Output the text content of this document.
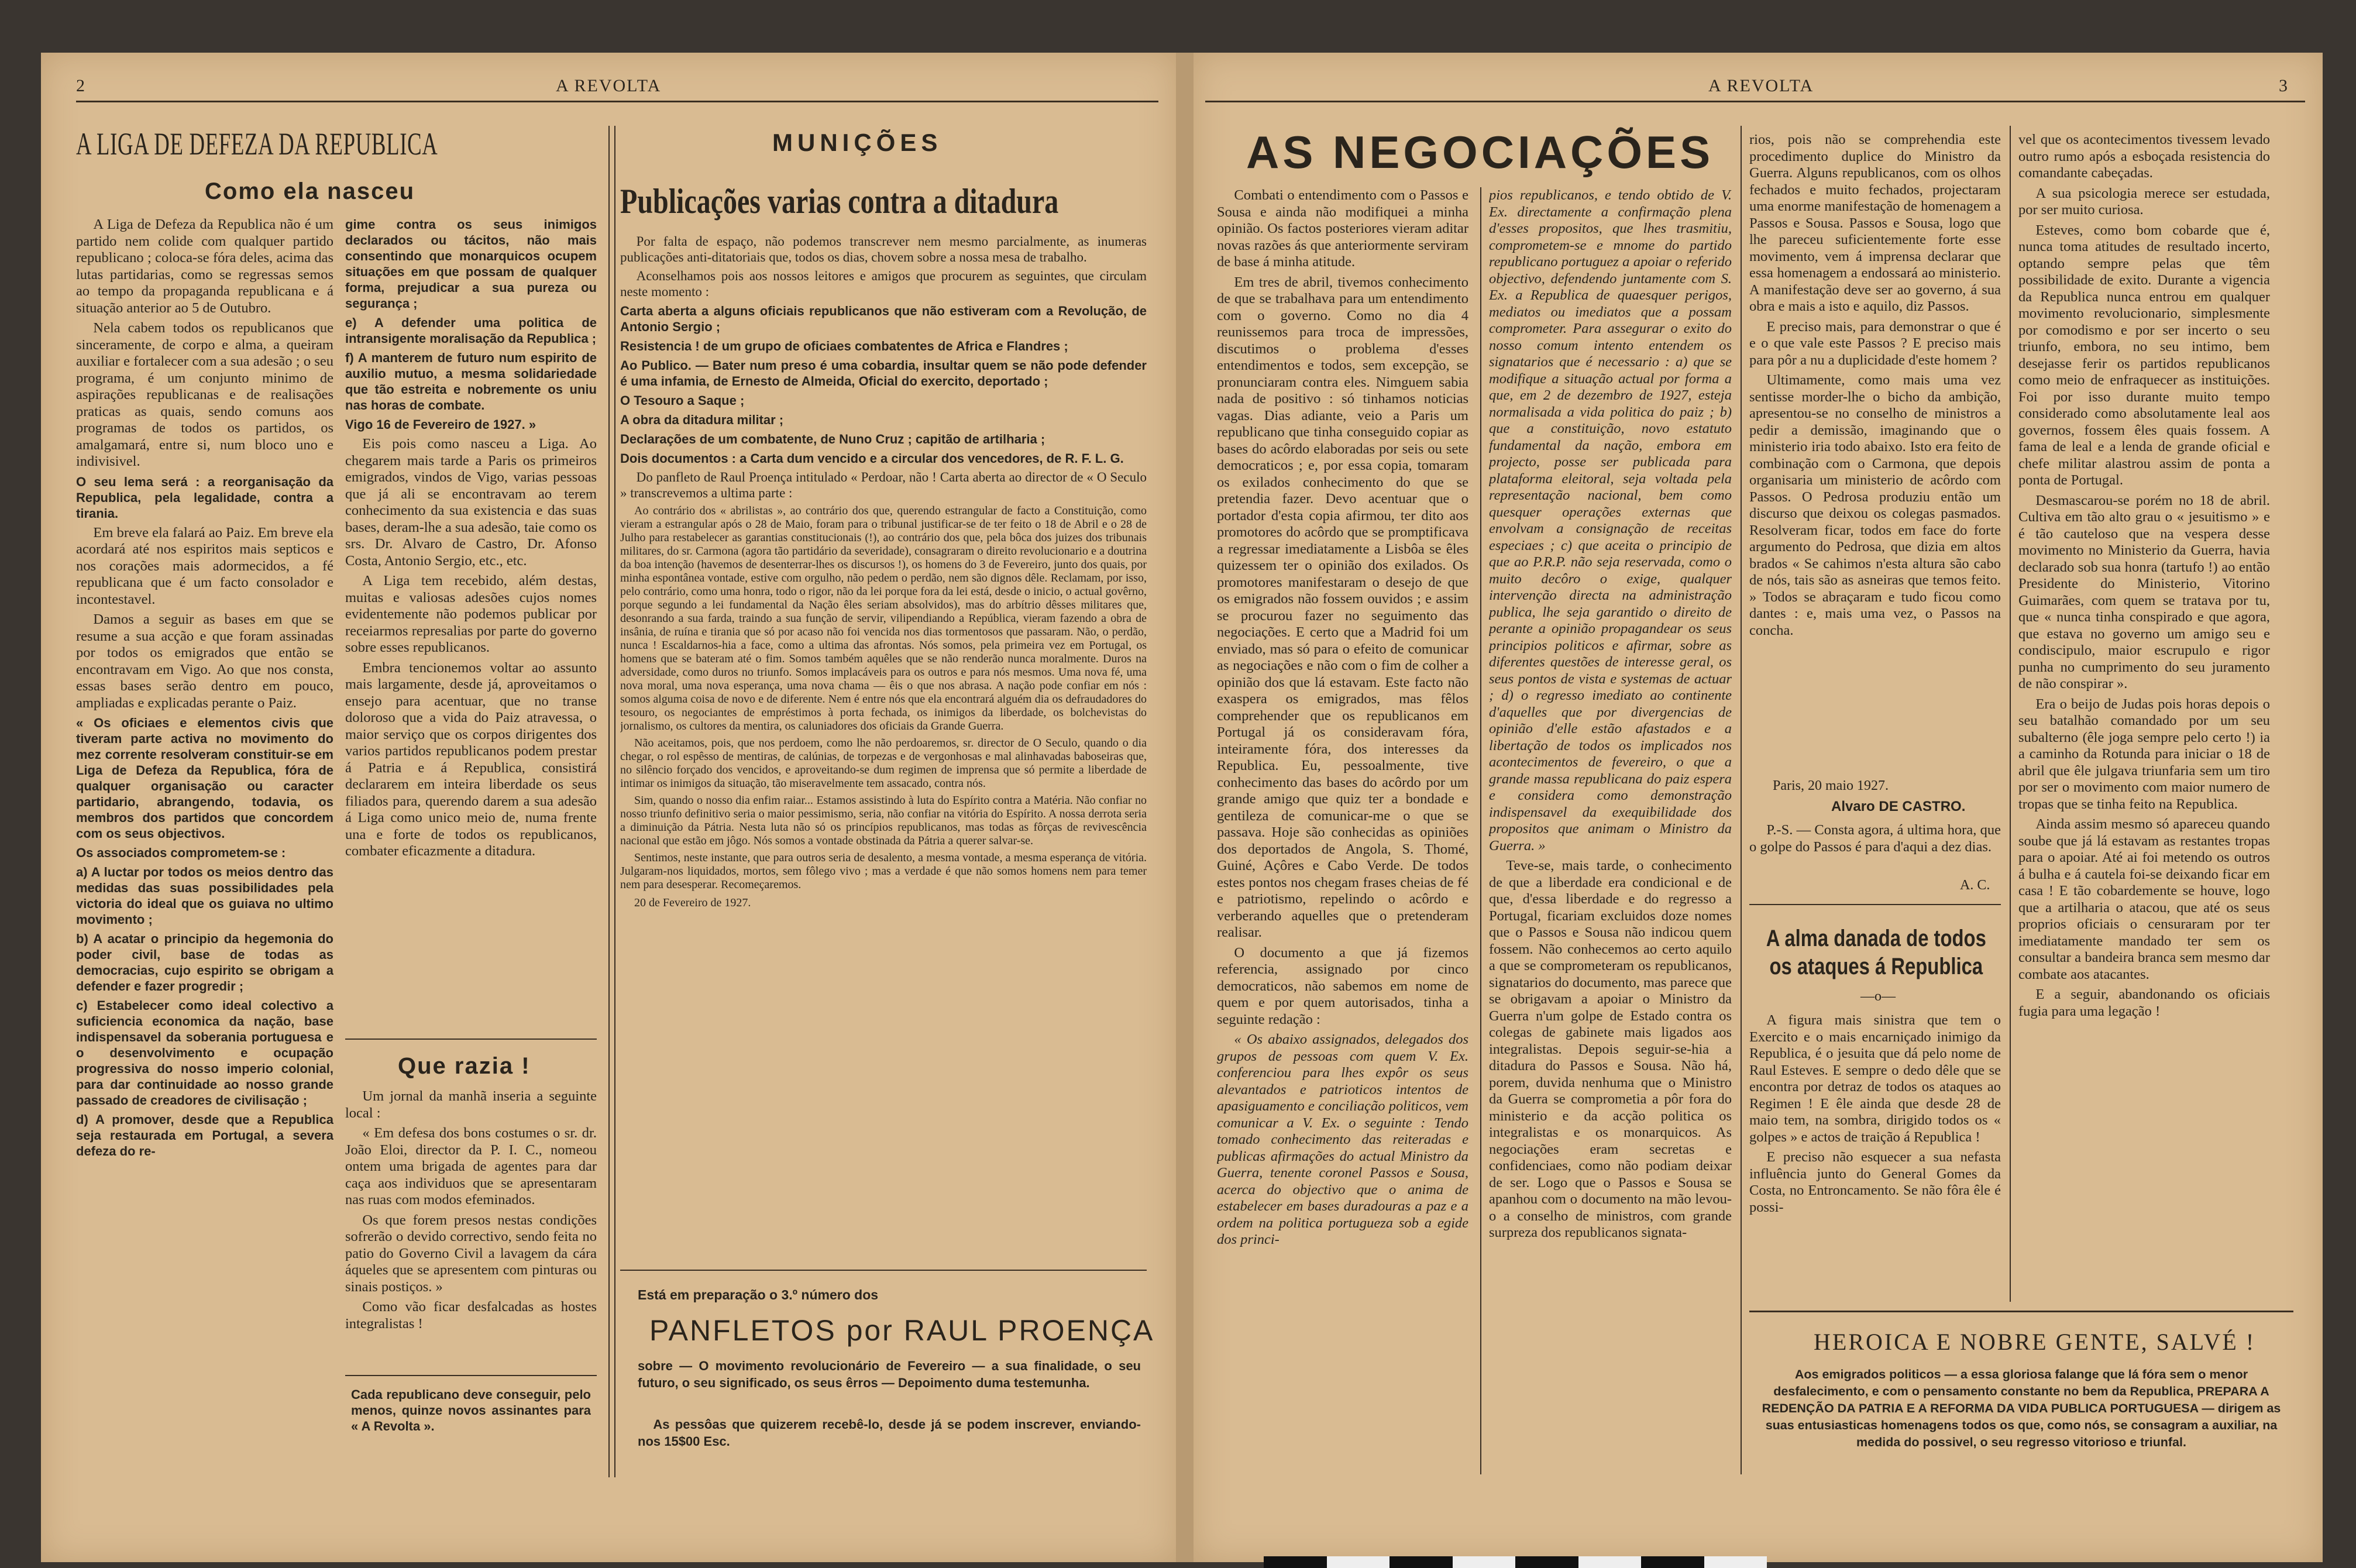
2	A REVOLTA	A REVOLTA	3
A LIGA DE DEFEZA DA REPUBLICA
Como ela nasceu

A Liga de Defeza da Republica não é um partido nem colide com qualquer partido republicano ; coloca-se fóra deles, acima das lutas partidarias, como se regressas semos ao tempo da propaganda republicana e á situação anterior ao 5 de Outubro.

Nela cabem todos os republicanos que sinceramente, de corpo e alma, a queiram auxiliar e fortalecer com a sua adesão ; o seu programa, é um conjunto minimo de aspirações republicanas e de realisações praticas as quais, sendo comuns aos programas de todos os partidos, os amalgamará, entre si, num bloco uno e indivisivel.

O seu lema será : a reorganisação da Republica, pela legalidade, contra a tirania.

Em breve ela falará ao Paiz. Em breve ela acordará até nos espiritos mais septicos e nos corações mais adormecidos, a fé republicana que é um facto consolador e incontestavel.

Damos a seguir as bases em que se resume a sua acção e que foram assinadas por todos os emigrados que então se encontravam em Vigo. Ao que nos consta, essas bases serão dentro em pouco, ampliadas e explicadas perante o Paiz.

« Os oficiaes e elementos civis que tiveram parte activa no movimento do mez corrente resolveram constituir-se em Liga de Defeza da Republica, fóra de qualquer organisação ou caracter partidario, abrangendo, todavia, os membros dos partidos que concordem com os seus objectivos.

Os associados comprometem-se :

a) A luctar por todos os meios dentro das medidas das suas possibilidades pela victoria do ideal que os guiava no ultimo movimento ;

b) A acatar o principio da hegemonia do poder civil, base de todas as democracias, cujo espirito se obrigam a defender e fazer progredir ;

c) Estabelecer como ideal colectivo a suficiencia economica da nação, base indispensavel da soberania portuguesa e o desenvolvimento e ocupação progressiva do nosso imperio colonial, para dar continuidade ao nosso grande passado de creadores de civilisação ;

d) A promover, desde que a Republica seja restaurada em Portugal, a severa defeza do re-

gime contra os seus inimigos declarados ou tácitos, não mais consentindo que monarquicos ocupem situações em que possam de qualquer forma, prejudicar a sua pureza ou segurança ;

e) A defender uma politica de intransigente moralisação da Republica ;

f) A manterem de futuro num espirito de auxilio mutuo, a mesma solidariedade que tão estreita e nobremente os uniu nas horas de combate.

Vigo 16 de Fevereiro de 1927. »

Eis pois como nasceu a Liga. Ao chegarem mais tarde a Paris os primeiros emigrados, vindos de Vigo, varias pessoas que já ali se encontravam ao terem conhecimento da sua existencia e das suas bases, deram-lhe a sua adesão, taie como os srs. Dr. Alvaro de Castro, Dr. Afonso Costa, Antonio Sergio, etc., etc.

A Liga tem recebido, além destas, muitas e valiosas adesões cujos nomes evidentemente não podemos publicar por receiarmos represalias por parte do governo sobre esses republicanos.

Embra tencionemos voltar ao assunto mais largamente, desde já, aproveitamos o ensejo para acentuar, que no transe doloroso que a vida do Paiz atravessa, o maior serviço que os corpos dirigentes dos varios partidos republicanos podem prestar á Patria e á Republica, consistirá declararem em inteira liberdade os seus filiados para, querendo darem a sua adesão á Liga como unico meio de, numa frente una e forte de todos os republicanos, combater eficazmente a ditadura.

Que razia !

Um jornal da manhã inseria a seguinte local :

« Em defesa dos bons costumes o sr. dr. João Eloi, director da P. I. C., nomeou ontem uma brigada de agentes para dar caça aos individuos que se apresentaram nas ruas com modos efeminados.

Os que forem presos nestas condições sofrerão o devido correctivo, sendo feita no patio do Governo Civil a lavagem da cára áqueles que se apresentem com pinturas ou sinais postiços. »

Como vão ficar desfalcadas as hostes integralistas !

Cada republicano deve conseguir, pelo menos, quinze novos assinantes para « A Revolta ».

MUNIÇÕES
Publicações varias contra a ditadura

Por falta de espaço, não podemos transcrever nem mesmo parcialmente, as inumeras publicações anti-ditatoriais que, todos os dias, chovem sobre a nossa mesa de trabalho.

Aconselhamos pois aos nossos leitores e amigos que procurem as seguintes, que circulam neste momento :

Carta aberta a alguns oficiais republicanos que não estiveram com a Revolução, de Antonio Sergio ;

Resistencia ! de um grupo de oficiaes combatentes de Africa e Flandres ;

Ao Publico. — Bater num preso é uma cobardia, insultar quem se não pode defender é uma infamia, de Ernesto de Almeida, Oficial do exercito, deportado ;

O Tesouro a Saque ;

A obra da ditadura militar ;

Declarações de um combatente, de Nuno Cruz ; capitão de artilharia ;

Dois documentos : a Carta dum vencido e a circular dos vencedores, de R. F. L. G.

Do panfleto de Raul Proença intitulado « Perdoar, não ! Carta aberta ao director de « O Seculo » transcrevemos a ultima parte :

Ao contrário dos « abrilistas », ao contrário dos que, querendo estrangular de facto a Constituição, como vieram a estrangular após o 28 de Maio, foram para o tribunal justificar-se de ter feito o 18 de Abril e o 28 de Julho para restabelecer as garantias constitucionais (!), ao contrário dos que, pela bôca dos juizes dos tribunais militares, do sr. Carmona (agora tão partidário da severidade), consagraram o direito revolucionario e a doutrina da boa intenção (havemos de desenterrar-lhes os discursos !), os homens do 3 de Fevereiro, junto dos quais, por minha espontânea vontade, estive com orgulho, não pedem o perdão, nem são dignos dêle. Reclamam, por isso, pelo contrário, como uma honra, todo o rigor, não da lei porque fora da lei está, desde o inicio, o actual govêrno, porque segundo a lei fundamental da Nação êles seriam absolvidos), mas do arbítrio dêsses militares que, desonrando a sua farda, traindo a sua função de servir, vilipendiando a República, vieram fazendo a obra de insânia, de ruína e tirania que só por acaso não foi vencida nos dias tormentosos que passaram. Não, o perdão, nunca ! Escaldarnos-hia a face, como a ultima das afrontas. Nós somos, pela primeira vez em Portugal, os homens que se bateram até o fim. Somos também aquêles que se não renderão nunca moralmente. Duros na adversidade, como duros no triunfo. Somos implacáveis para os outros e para nós mesmos. Uma nova fé, uma nova moral, uma nova esperança, uma nova chama — êis o que nos abrasa. A nação pode confiar em nós : somos alguma coisa de novo e de diferente. Nem é entre nós que ela encontrará alguém dia os defraudadores do tesouro, os negociantes de empréstimos à porta fechada, os inimigos da liberdade, os bolchevistas do jornalismo, os cultores da mentira, os caluniadores dos oficiais da Grande Guerra.

Não aceitamos, pois, que nos perdoem, como lhe não perdoaremos, sr. director de O Seculo, quando o dia chegar, o rol espêsso de mentiras, de calúnias, de torpezas e de vergonhosas e mal alinhavadas baboseiras que, no silêncio forçado dos vencidos, e aproveitando-se dum regimen de imprensa que só permite a liberdade de intimar os inimigos da situação, tão miseravelmente tem assacado, contra nós.

Sim, quando o nosso dia enfim raiar... Estamos assistindo à luta do Espírito contra a Matéria. Não confiar no nosso triunfo definitivo seria o maior pessimismo, seria, não confiar na vitória do Espírito. A nossa derrota seria a diminuição da Pátria. Nesta luta não só os princípios republicanos, mas todas as fôrças de revivescência nacional que estão em jôgo. Nós somos a vontade obstinada da Pátria a querer salvar-se.

Sentimos, neste instante, que para outros seria de desalento, a mesma vontade, a mesma esperança de vitória. Julgaram-nos liquidados, mortos, sem fôlego vivo ; mas a verdade é que não somos homens nem para temer nem para desesperar. Recomeçaremos.

20 de Fevereiro de 1927.

Está em preparação o 3.º número dos
PANFLETOS por RAUL PROENÇA

sobre — O movimento revolucionário de Fevereiro — a sua finalidade, o seu futuro, o seu significado, os seus êrros — Depoimento duma testemunha.

As pessôas que quizerem recebê-lo, desde já se podem inscrever, enviando-nos 15$00 Esc.

AS NEGOCIAÇÕES

Combati o entendimento com o Passos e Sousa e ainda não modifiquei a minha opinião. Os factos posteriores vieram aditar novas razões ás que anteriormente serviram de base á minha atitude.

Em tres de abril, tivemos conhecimento de que se trabalhava para um entendimento com o governo. Como no dia 4 reunissemos para troca de impressões, discutimos o problema d'esses entendimentos e todos, sem excepção, se pronunciaram contra eles. Nimguem sabia nada de positivo : só tinhamos noticias vagas. Dias adiante, veio a Paris um republicano que tinha conseguido copiar as bases do acôrdo elaboradas por seis ou sete democraticos ; e, por essa copia, tomaram os exilados conhecimento do que se pretendia fazer. Devo acentuar que o portador d'esta copia afirmou, ter dito aos promotores do acôrdo que se promptificava a regressar imediatamente a Lisbôa se êles quizessem ter o opinião dos exilados. Os promotores manifestaram o desejo de que os emigrados não fossem ouvidos ; e assim se procurou fazer no seguimento das negociações. E certo que a Madrid foi um enviado, mas só para o efeito de comunicar as negociações e não com o fim de colher a opinião dos que lá estavam. Este facto não exaspera os emigrados, mas fêlos comprehender que os republicanos em Portugal já os consideravam fóra, inteiramente fóra, dos interesses da Republica. Eu, pessoalmente, tive conhecimento das bases do acôrdo por um grande amigo que quiz ter a bondade e gentileza de comunicar-me o que se passava. Hoje são conhecidas as opiniões dos deportados de Angola, S. Thomé, Guiné, Açôres e Cabo Verde. De todos estes pontos nos chegam frases cheias de fé e patriotismo, repelindo o acôrdo e verberando aquelles que o pretenderam realisar.

O documento a que já fizemos referencia, assignado por cinco democraticos, não sabemos em nome de quem e por quem autorisados, tinha a seguinte redação :

« Os abaixo assignados, delegados dos grupos de pessoas com quem V. Ex. conferenciou para lhes expôr os seus alevantados e patrioticos intentos de apasiguamento e conciliação politicos, vem comunicar a V. Ex. o seguinte : Tendo tomado conhecimento das reiteradas e publicas afirmações do actual Ministro da Guerra, tenente coronel Passos e Sousa, acerca do objectivo que o anima de estabelecer em bases duradouras a paz e a ordem na politica portugueza sob a egide dos princi-

pios republicanos, e tendo obtido de V. Ex. directamente a confirmação plena d'esses propositos, que lhes trasmitiu, comprometem-se e mnome do partido republicano portuguez a apoiar o referido objectivo, defendendo juntamente com S. Ex. a Republica de quaesquer perigos, mediatos ou imediatos que a possam comprometer. Para assegurar o exito do nosso comum intento entendem os signatarios que é necessario : a) que se modifique a situação actual por forma a que, em 2 de dezembro de 1927, esteja normalisada a vida politica do paiz ; b) que a constituição, novo estatuto fundamental da nação, embora em projecto, posse ser publicada para plataforma eleitoral, seja voltada pela representação nacional, bem como quesquer operações externas que envolvam a consignação de receitas especiaes ; c) que aceita o principio de que ao P.R.P. não seja reservada, como o muito decôro o exige, qualquer intervenção directa na administração publica, lhe seja garantido o direito de perante a opinião propagandear os seus principios politicos e afirmar, sobre as diferentes questões de interesse geral, os seus pontos de vista e systemas de actuar ; d) o regresso imediato ao continente d'aquelles que por divergencias de opinião d'elle estão afastados e a libertação de todos os implicados nos acontecimentos de fevereiro, o que a grande massa republicana do paiz espera e considera como demonstração indispensavel da exequibilidade dos propositos que animam o Ministro da Guerra. »

Teve-se, mais tarde, o conhecimento de que a liberdade era condicional e de que, d'essa liberdade e do regresso a Portugal, ficariam excluidos doze nomes que o Passos e Sousa não indicou quem fossem. Não conhecemos ao certo aquilo a que se comprometeram os republicanos, signatarios do documento, mas parece que se obrigavam a apoiar o Ministro da Guerra n'um golpe de Estado contra os colegas de gabinete mais ligados aos integralistas. Depois seguir-se-hia a ditadura do Passos e Sousa. Não há, porem, duvida nenhuma que o Ministro da Guerra se comprometia a pôr fora do ministerio e da acção politica os integralistas e os monarquicos. As negociações eram secretas e confidenciaes, como não podiam deixar de ser. Logo que o Passos e Sousa se apanhou com o documento na mão levou-o a conselho de ministros, com grande surpreza dos republicanos signata-

rios, pois não se comprehendia este procedimento duplice do Ministro da Guerra. Alguns republicanos, com os olhos fechados e muito fechados, projectaram uma enorme manifestação de homenagem a Passos e Sousa. Passos e Sousa, logo que lhe pareceu suficientemente forte esse movimento, vem á imprensa declarar que essa homenagem a endossará ao ministerio. A manifestação deve ser ao governo, á sua obra e mais a isto e aquilo, diz Passos.

E preciso mais, para demonstrar o que é e o que vale este Passos ? E preciso mais para pôr a nu a duplicidade d'este homem ?

Ultimamente, como mais uma vez sentisse morder-lhe o bicho da ambição, apresentou-se no conselho de ministros a pedir a demissão, imaginando que o ministerio iria todo abaixo. Isto era feito de combinação com o Carmona, que depois organisaria um ministerio de acôrdo com Passos. O Pedrosa produziu então um discurso que deixou os colegas pasmados. Resolveram ficar, todos em face do forte argumento do Pedrosa, que dizia em altos brados « Se cahimos n'esta altura são cabo de nós, tais são as asneiras que temos feito. » Todos se abraçaram e tudo ficou como dantes : e, mais uma vez, o Passos na concha.

Paris, 20 maio 1927.
Alvaro DE CASTRO.

P.-S. — Consta agora, á ultima hora, que o golpe do Passos é para d'aqui a dez dias.

A. C.
A alma danada de todos os ataques á Republica
—o—

A figura mais sinistra que tem o Exercito e o mais encarniçado inimigo da Republica, é o jesuita que dá pelo nome de Raul Esteves. E sempre o dedo dêle que se encontra por detraz de todos os ataques ao Regimen ! E êle ainda que desde 28 de maio tem, na sombra, dirigido todos os « golpes » e actos de traição á Republica !

E preciso não esquecer a sua nefasta influência junto do General Gomes da Costa, no Entroncamento. Se não fôra êle é possi-

vel que os acontecimentos tivessem levado outro rumo após a esboçada resistencia do comandante cabeçadas.

A sua psicologia merece ser estudada, por ser muito curiosa.

Esteves, como bom cobarde que é, nunca toma atitudes de resultado incerto, optando sempre pelas que têm possibilidade de exito. Durante a vigencia da Republica nunca entrou em qualquer movimento revolucionario, simplesmente por comodismo e por ser incerto o seu triunfo, embora, no seu intimo, bem desejasse ferir os partidos republicanos como meio de enfraquecer as instituições. Foi por isso durante muito tempo considerado como absolutamente leal aos governos, fossem êles quais fossem. A fama de leal e a lenda de grande oficial e chefe militar alastrou assim de ponta a ponta de Portugal.

Desmascarou-se porém no 18 de abril. Cultiva em tão alto grau o « jesuitismo » e é tão cauteloso que na vespera desse movimento no Ministerio da Guerra, havia declarado sob sua honra (tartufo !) ao então Presidente do Ministerio, Vitorino Guimarães, com quem se tratava por tu, que « nunca tinha conspirado e que agora, que estava no governo um amigo seu e condiscipulo, maior escrupulo e rigor punha no cumprimento do seu juramento de não conspirar ».

Era o beijo de Judas pois horas depois o seu batalhão comandado por um seu subalterno (êle joga sempre pelo certo !) ia a caminho da Rotunda para iniciar o 18 de abril que êle julgava triunfaria sem um tiro por ser o movimento com maior numero de tropas que se tinha feito na Republica.

Ainda assim mesmo só apareceu quando soube que já lá estavam as restantes tropas para o apoiar. Até ai foi metendo os outros á bulha e á cautela foi-se deixando ficar em casa ! E tão cobardemente se houve, logo que a artilharia o atacou, que até os seus proprios oficiais o censuraram por ter imediatamente mandado ter sem os consultar a bandeira branca sem mesmo dar combate aos atacantes.

E a seguir, abandonando os oficiais fugia para uma legação !

HEROICA E NOBRE GENTE, SALVÉ !

Aos emigrados politicos — a essa gloriosa falange que lá fóra sem o menor desfalecimento, e com o pensamento constante no bem da Republica, PREPARA A REDENÇÃO DA PATRIA E A REFORMA DA VIDA PUBLICA PORTUGUESA — dirigem as suas entusiasticas homenagens todos os que, como nós, se consagram a auxiliar, na medida do possivel, o seu regresso vitorioso e triunfal.
